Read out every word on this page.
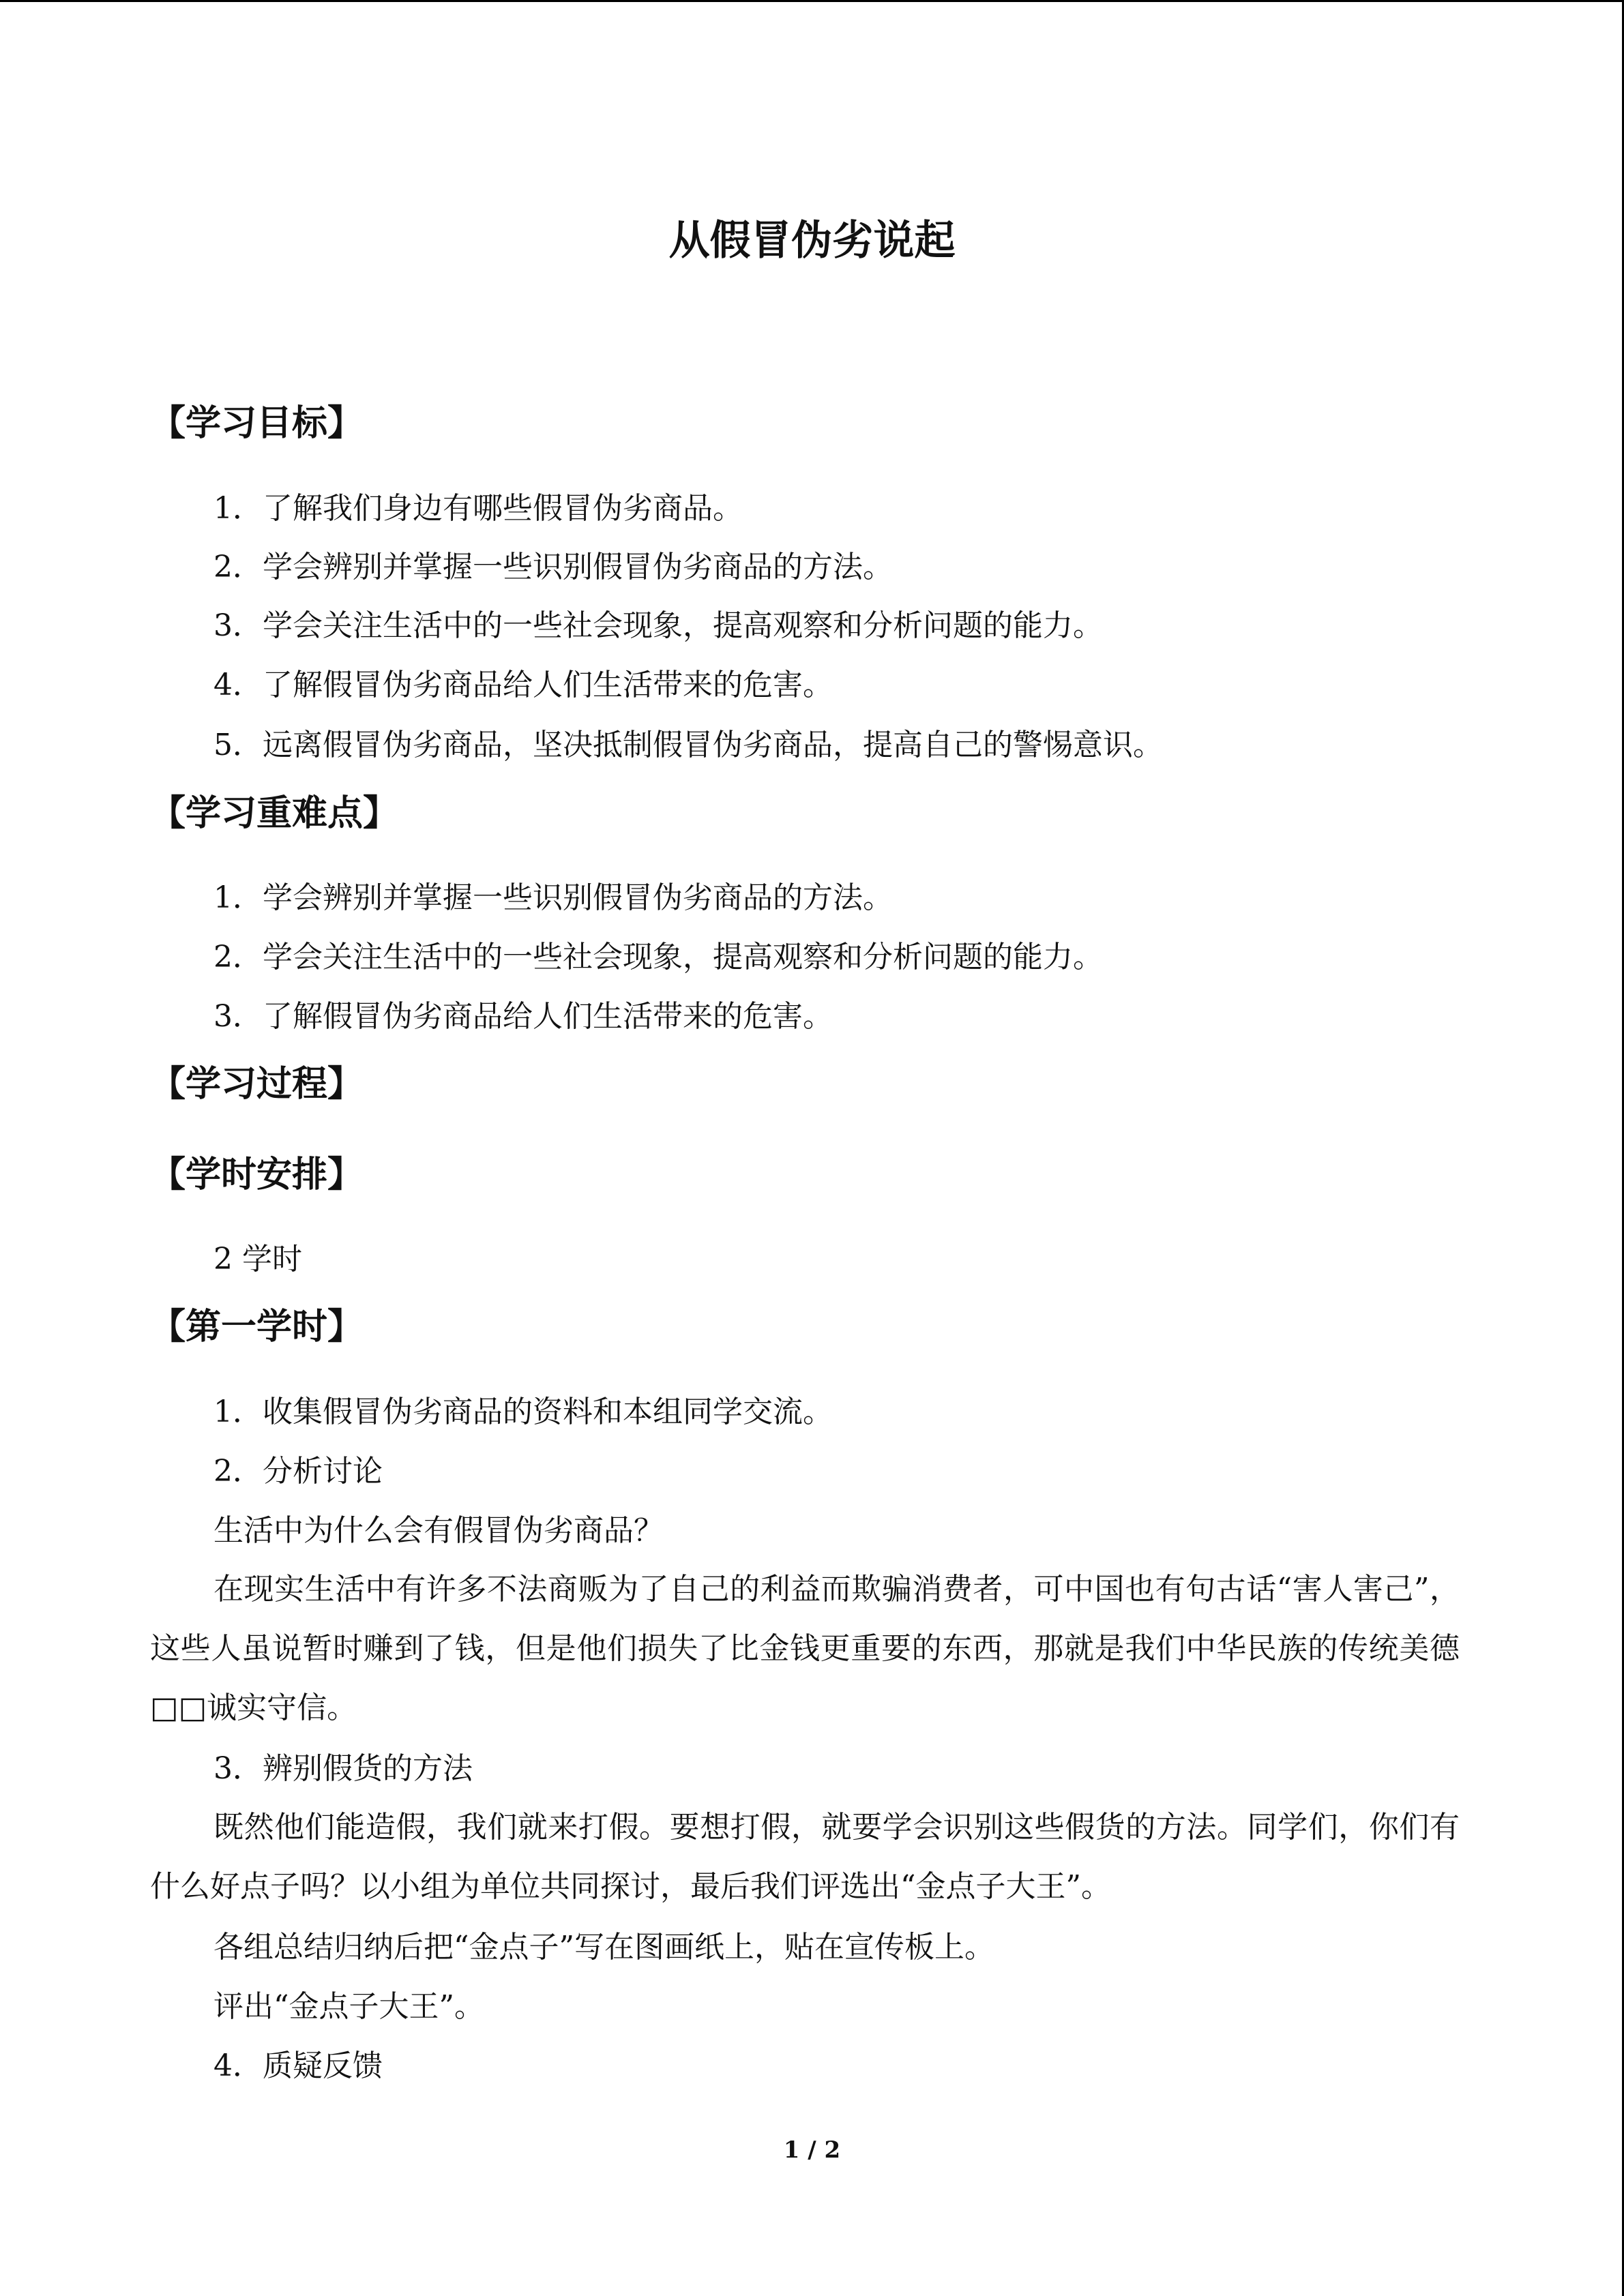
从假冒伪劣说起
【学习目标】
1．了解我们身边有哪些假冒伪劣商品。
2．学会辨别并掌握一些识别假冒伪劣商品的方法。
3．学会关注生活中的一些社会现象，提高观察和分析问题的能力。
4．了解假冒伪劣商品给人们生活带来的危害。
5．远离假冒伪劣商品，坚决抵制假冒伪劣商品，提高自己的警惕意识。
【学习重难点】
1．学会辨别并掌握一些识别假冒伪劣商品的方法。
2．学会关注生活中的一些社会现象，提高观察和分析问题的能力。
3．了解假冒伪劣商品给人们生活带来的危害。
【学习过程】
【学时安排】
2 学时
【第一学时】
1．收集假冒伪劣商品的资料和本组同学交流。
2．分析讨论
生活中为什么会有假冒伪劣商品？
在现实生活中有许多不法商贩为了自己的利益而欺骗消费者，可中国也有句古话“害人害己”，这些人虽说暂时赚到了钱，但是他们损失了比金钱更重要的东西，那就是我们中华民族的传统美德□□诚实守信。
3．辨别假货的方法
既然他们能造假，我们就来打假。要想打假，就要学会识别这些假货的方法。同学们，你们有什么好点子吗？以小组为单位共同探讨，最后我们评选出“金点子大王”。
各组总结归纳后把“金点子”写在图画纸上，贴在宣传板上。
评出“金点子大王”。
4．质疑反馈
1 / 2
